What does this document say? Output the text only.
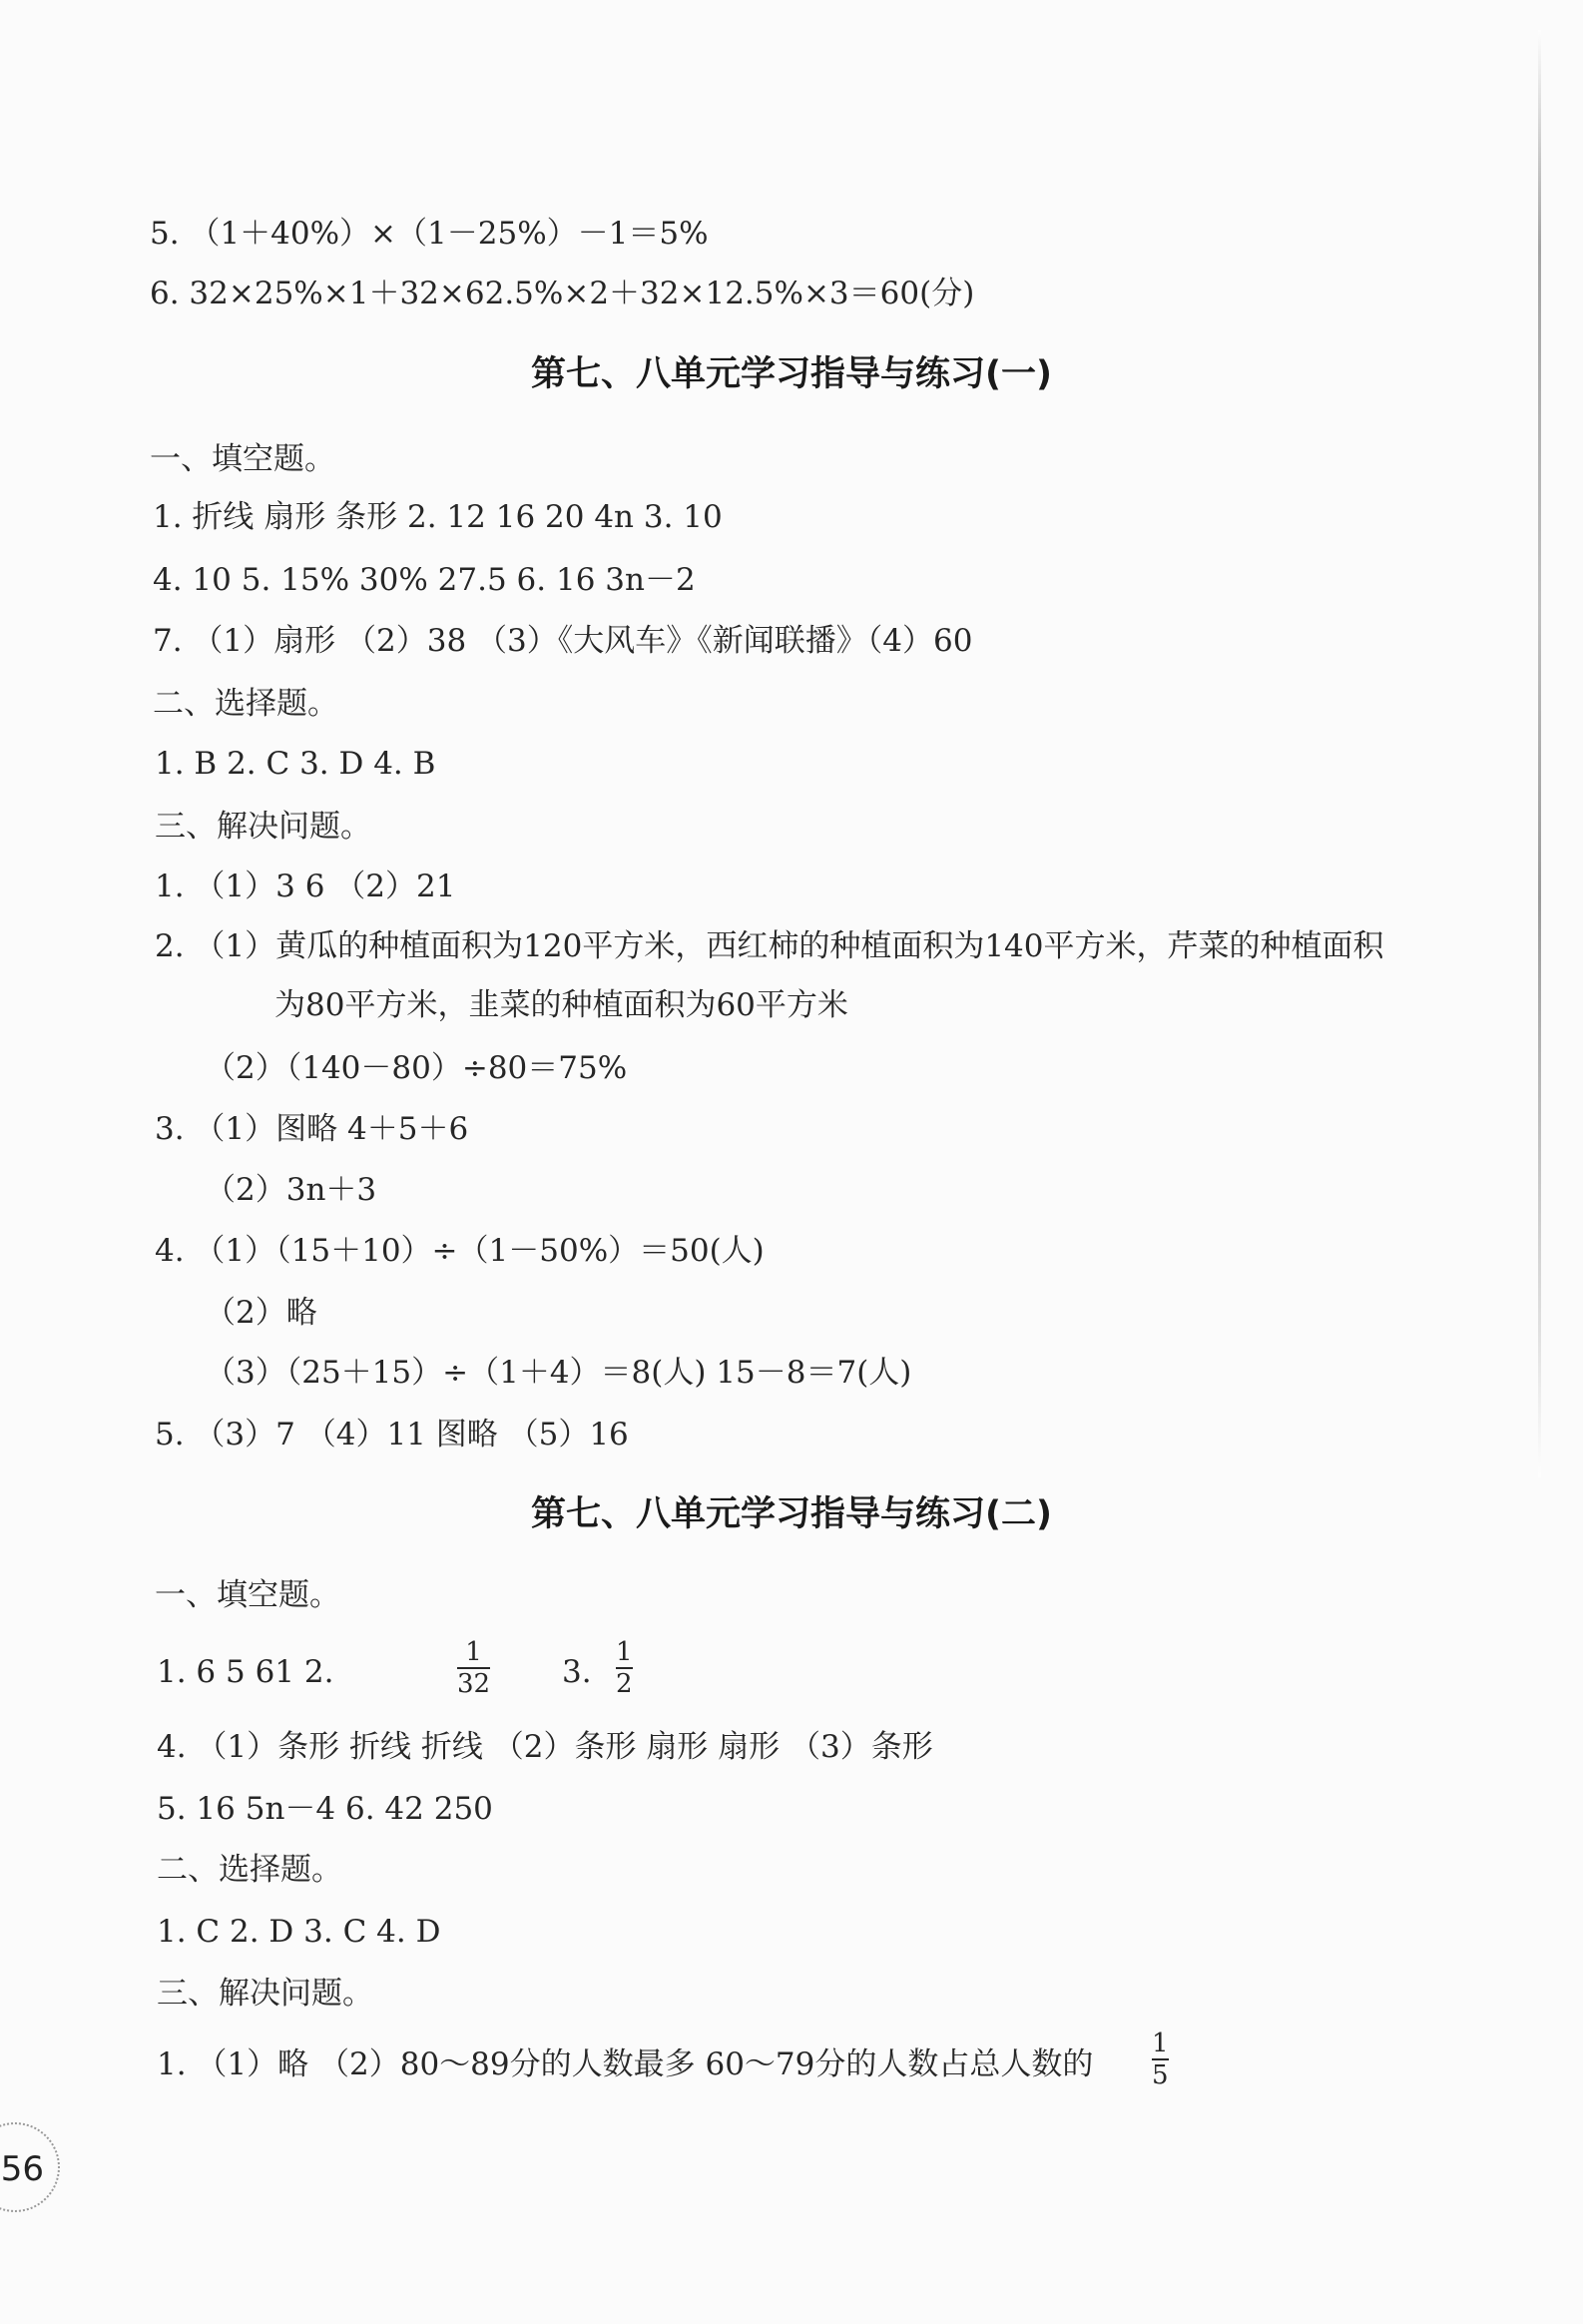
5. （1＋40%）×（1－25%）－1＝5%
6. 32×25%×1＋32×62.5%×2＋32×12.5%×3＝60(分)
第七、八单元学习指导与练习(一)
一、填空题。
1. 折线 扇形 条形 2. 12 16 20 4n 3. 10
4. 10 5. 15% 30% 27.5 6. 16 3n－2
7. （1）扇形 （2）38 （3）《大风车》《新闻联播》（4）60
二、选择题。
1. B 2. C 3. D 4. B
三、解决问题。
1. （1）3 6 （2）21
2. （1）黄瓜的种植面积为120平方米，西红柿的种植面积为140平方米，芹菜的种植面积
为80平方米，韭菜的种植面积为60平方米
（2）（140－80）÷80＝75%
3. （1）图略 4＋5＋6
（2）3n＋3
4. （1）（15＋10）÷（1－50%）＝50(人)
（2）略
（3）（25＋15）÷（1＋4）＝8(人) 15－8＝7(人)
5. （3）7 （4）11 图略 （5）16
第七、八单元学习指导与练习(二)
一、填空题。
1. 6 5 61 2.
1
32 3.
1
2
4. （1）条形 折线 折线 （2）条形 扇形 扇形 （3）条形
5. 16 5n－4 6. 42 250
二、选择题。
1. C 2. D 3. C 4. D
三、解决问题。
1. （1）略 （2）80～89分的人数最多 60～79分的人数占总人数的
1
5
56
